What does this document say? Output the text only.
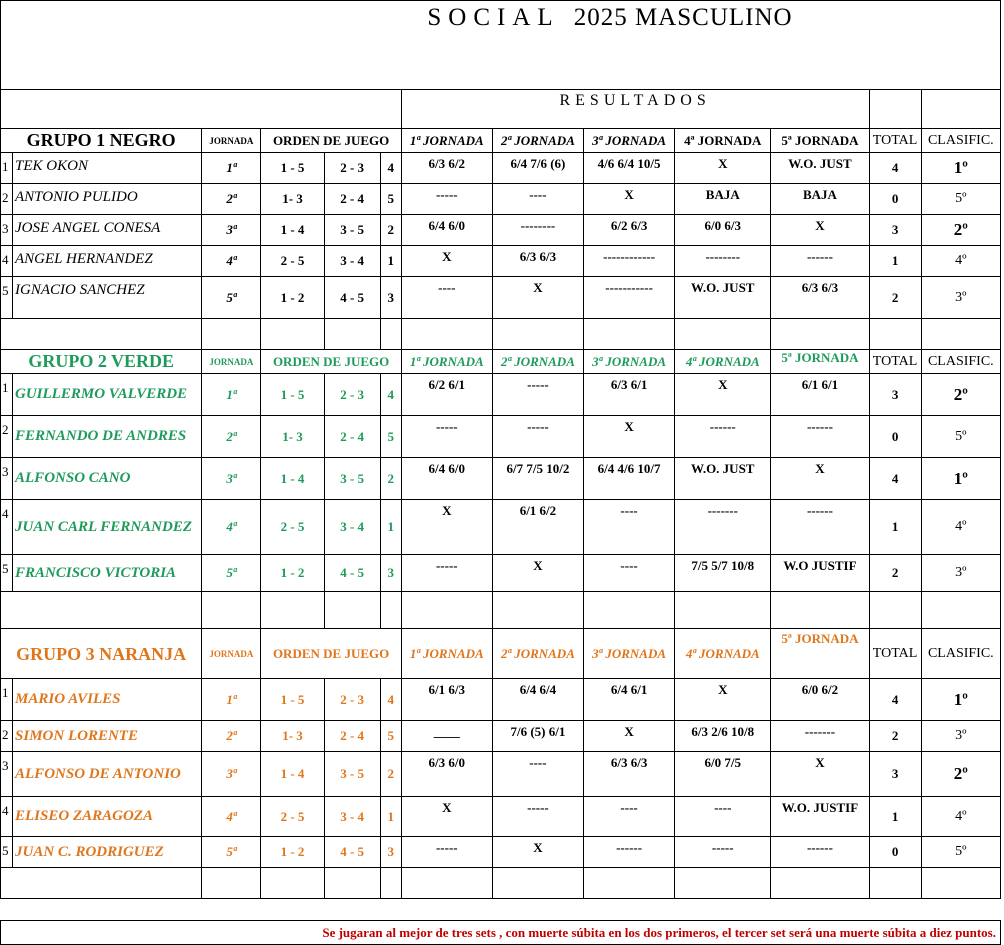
SOCIAL 2025 MASCULINO

						RESULTADOS						
GRUPO 1 NEGRO		JORNADA	ORDEN DE JUEGO			1ª JORNADA	2ª JORNADA	3ª JORNADA	4ª JORNADA	5ª JORNADA	TOTAL	CLASIFIC.
1	TEK OKON	1ª	1 - 5	2 - 3	4	6/3 6/2	6/4 7/6 (6)	4/6 6/4 10/5	X	W.O. JUST	4	1º
2	ANTONIO PULIDO	2ª	1- 3	2 - 4	5	-----	----	X	BAJA	BAJA	0	5º
3	JOSE ANGEL CONESA	3ª	1 - 4	3 - 5	2	6/4 6/0	--------	6/2 6/3	6/0 6/3	X	3	2º
4	ANGEL HERNANDEZ	4ª	2 - 5	3 - 4	1	X	6/3 6/3	------------	--------	------	1	4º
5	IGNACIO SANCHEZ	5ª	1 - 2	4 - 5	3	----	X	-----------	W.O. JUST	6/3 6/3	2	3º

GRUPO 2 VERDE		JORNADA	ORDEN DE JUEGO			1ª JORNADA	2ª JORNADA	3ª JORNADA	4ª JORNADA	5ª JORNADA	TOTAL	CLASIFIC.
1	GUILLERMO VALVERDE	1ª	1 - 5	2 - 3	4	6/2 6/1	-----	6/3 6/1	X	6/1 6/1	3	2º
2	FERNANDO DE ANDRES	2ª	1- 3	2 - 4	5	-----	-----	X	------	------	0	5º
3	ALFONSO CANO	3ª	1 - 4	3 - 5	2	6/4 6/0	6/7 7/5 10/2	6/4 4/6 10/7	W.O. JUST	X	4	1º
4	JUAN CARL FERNANDEZ	4ª	2 - 5	3 - 4	1	X	6/1 6/2	----	-------	------	1	4º
5	FRANCISCO VICTORIA	5ª	1 - 2	4 - 5	3	-----	X	----	7/5 5/7 10/8	W.O JUSTIF	2	3º

GRUPO 3 NARANJA		JORNADA	ORDEN DE JUEGO			1ª JORNADA	2ª JORNADA	3ª JORNADA	4ª JORNADA	5ª JORNADA	TOTAL	CLASIFIC.
1	MARIO AVILES	1ª	1 - 5	2 - 3	4	6/1 6/3	6/4 6/4	6/4 6/1	X	6/0 6/2	4	1º
2	SIMON LORENTE	2ª	1- 3	2 - 4	5	____	7/6 (5) 6/1	X	6/3 2/6 10/8	-------	2	3º
3	ALFONSO DE ANTONIO	3ª	1 - 4	3 - 5	2	6/3 6/0	----	6/3 6/3	6/0 7/5	X	3	2º
4	ELISEO ZARAGOZA	4ª	2 - 5	3 - 4	1	X	-----	----	----	W.O. JUSTIF	1	4º
5	JUAN C. RODRIGUEZ	5ª	1 - 2	4 - 5	3	-----	X	------	-----	------	0	5º

Se jugaran al mejor de tres sets , con muerte súbita en los dos primeros, el tercer set será una muerte súbita a diez puntos.												
